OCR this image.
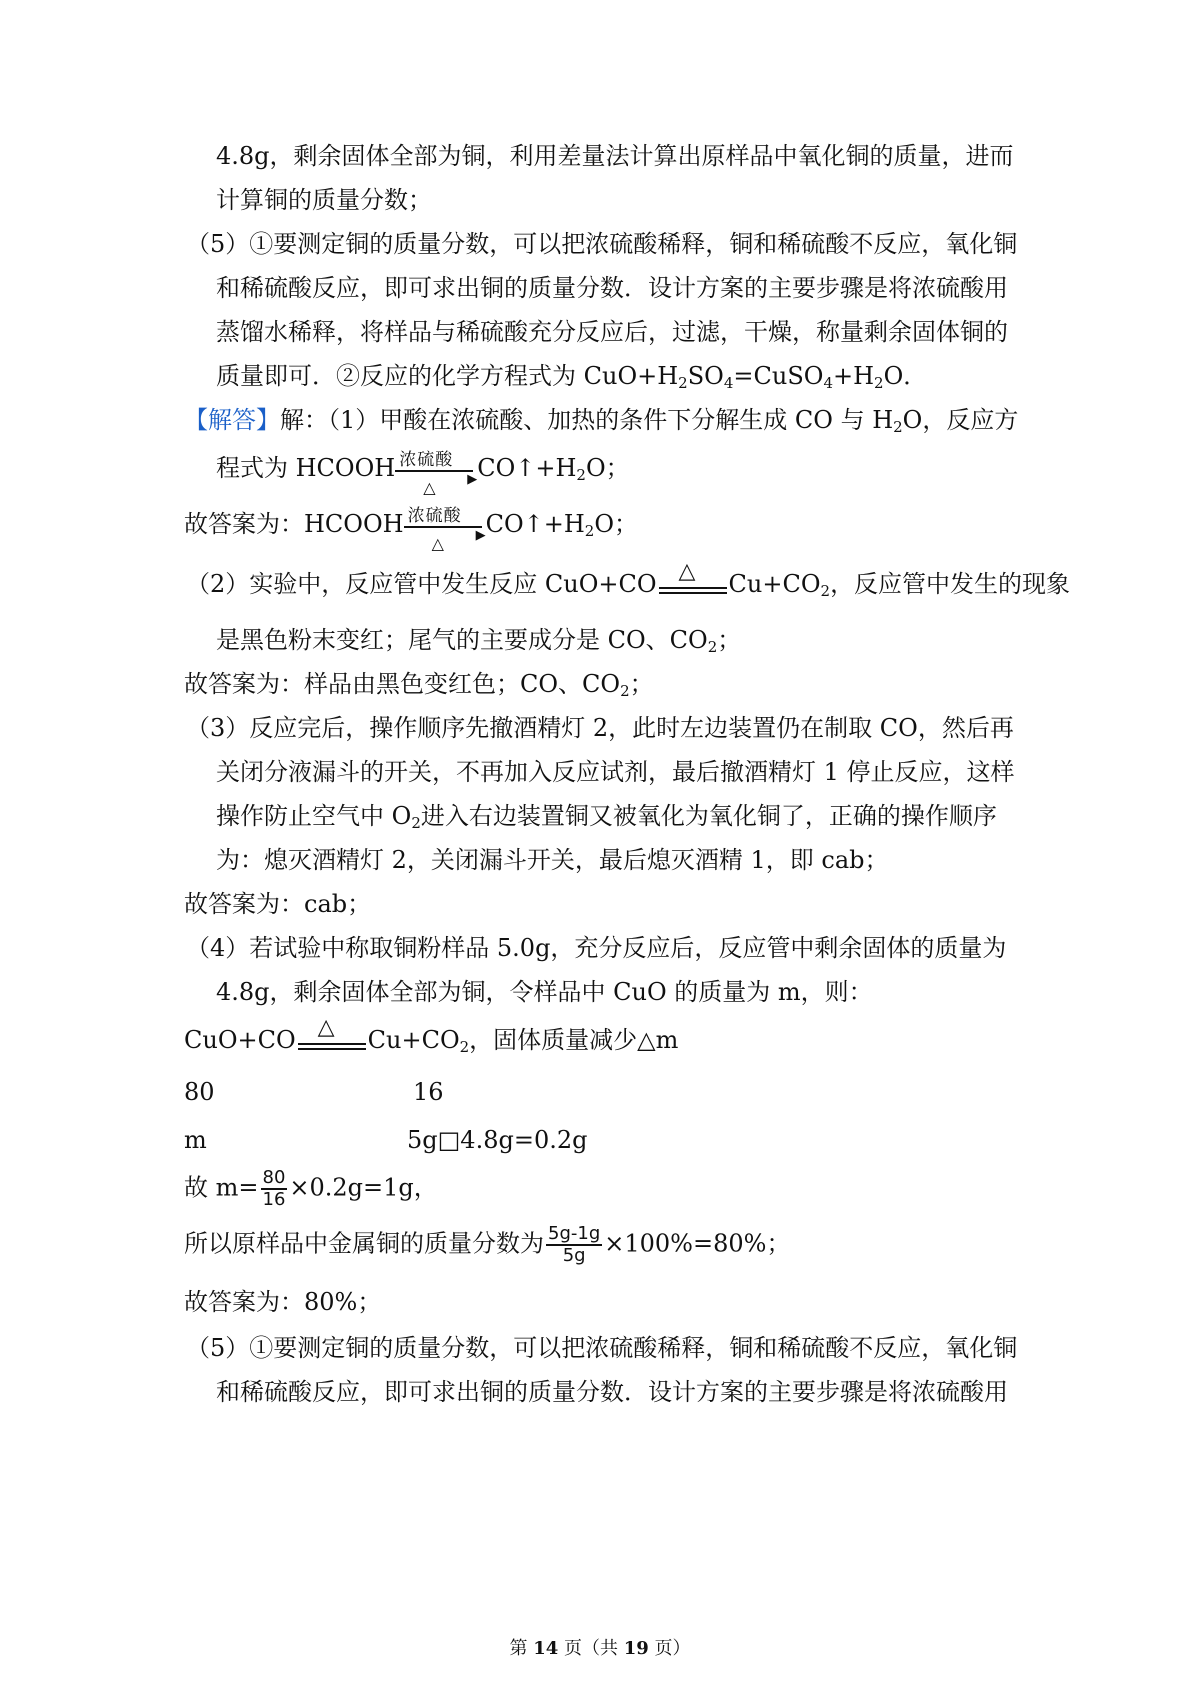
4.8g，剩余固体全部为铜，利用差量法计算出原样品中氧化铜的质量，进而
计算铜的质量分数；
（5）①要测定铜的质量分数，可以把浓硫酸稀释，铜和稀硫酸不反应，氧化铜
和稀硫酸反应，即可求出铜的质量分数．设计方案的主要步骤是将浓硫酸用
蒸馏水稀释，将样品与稀硫酸充分反应后，过滤，干燥，称量剩余固体铜的
质量即可．②反应的化学方程式为 $CuO+H_2SO_4=CuSO_4+H_2O$．
【解答】解：（1）甲酸在浓硫酸、加热的条件下分解生成 CO 与 $H_2O$，反应方
程式为 HCOOH 浓硫酸
▶
△
$CO↑+H_2O$；
故答案为：HCOOH 浓硫酸
▶
△
$CO↑+H_2O$；
（2）实验中，反应管中发生反应 CuO+CO △ $Cu+CO_2$，反应管中发生的现象
是黑色粉末变红；尾气的主要成分是 CO、$CO_2$；
故答案为：样品由黑色变红色；CO、$CO_2$；
（3）反应完后，操作顺序先撤酒精灯 2，此时左边装置仍在制取 CO，然后再
关闭分液漏斗的开关，不再加入反应试剂，最后撤酒精灯 1 停止反应，这样
操作防止空气中 $O_2$进入右边装置铜又被氧化为氧化铜了，正确的操作顺序
为：熄灭酒精灯 2，关闭漏斗开关，最后熄灭酒精 1，即 cab；
故答案为：cab；
（4）若试验中称取铜粉样品 5.0g，充分反应后，反应管中剩余固体的质量为
4.8g，剩余固体全部为铜，令样品中 CuO 的质量为 m，则：
CuO+CO △ $Cu+CO_2$，固体质量减少△m
80	16
m	5g□4.8g=0.2g
故 $m= \frac{80}{16} \times 0.2g=1g$，
所以原样品中金属铜的质量分数为 $\frac{5g-1g}{5g} \times 100\%=80\%$；
故答案为：80%；
（5）①要测定铜的质量分数，可以把浓硫酸稀释，铜和稀硫酸不反应，氧化铜
和稀硫酸反应，即可求出铜的质量分数．设计方案的主要步骤是将浓硫酸用
第 14 页（共 19 页）
